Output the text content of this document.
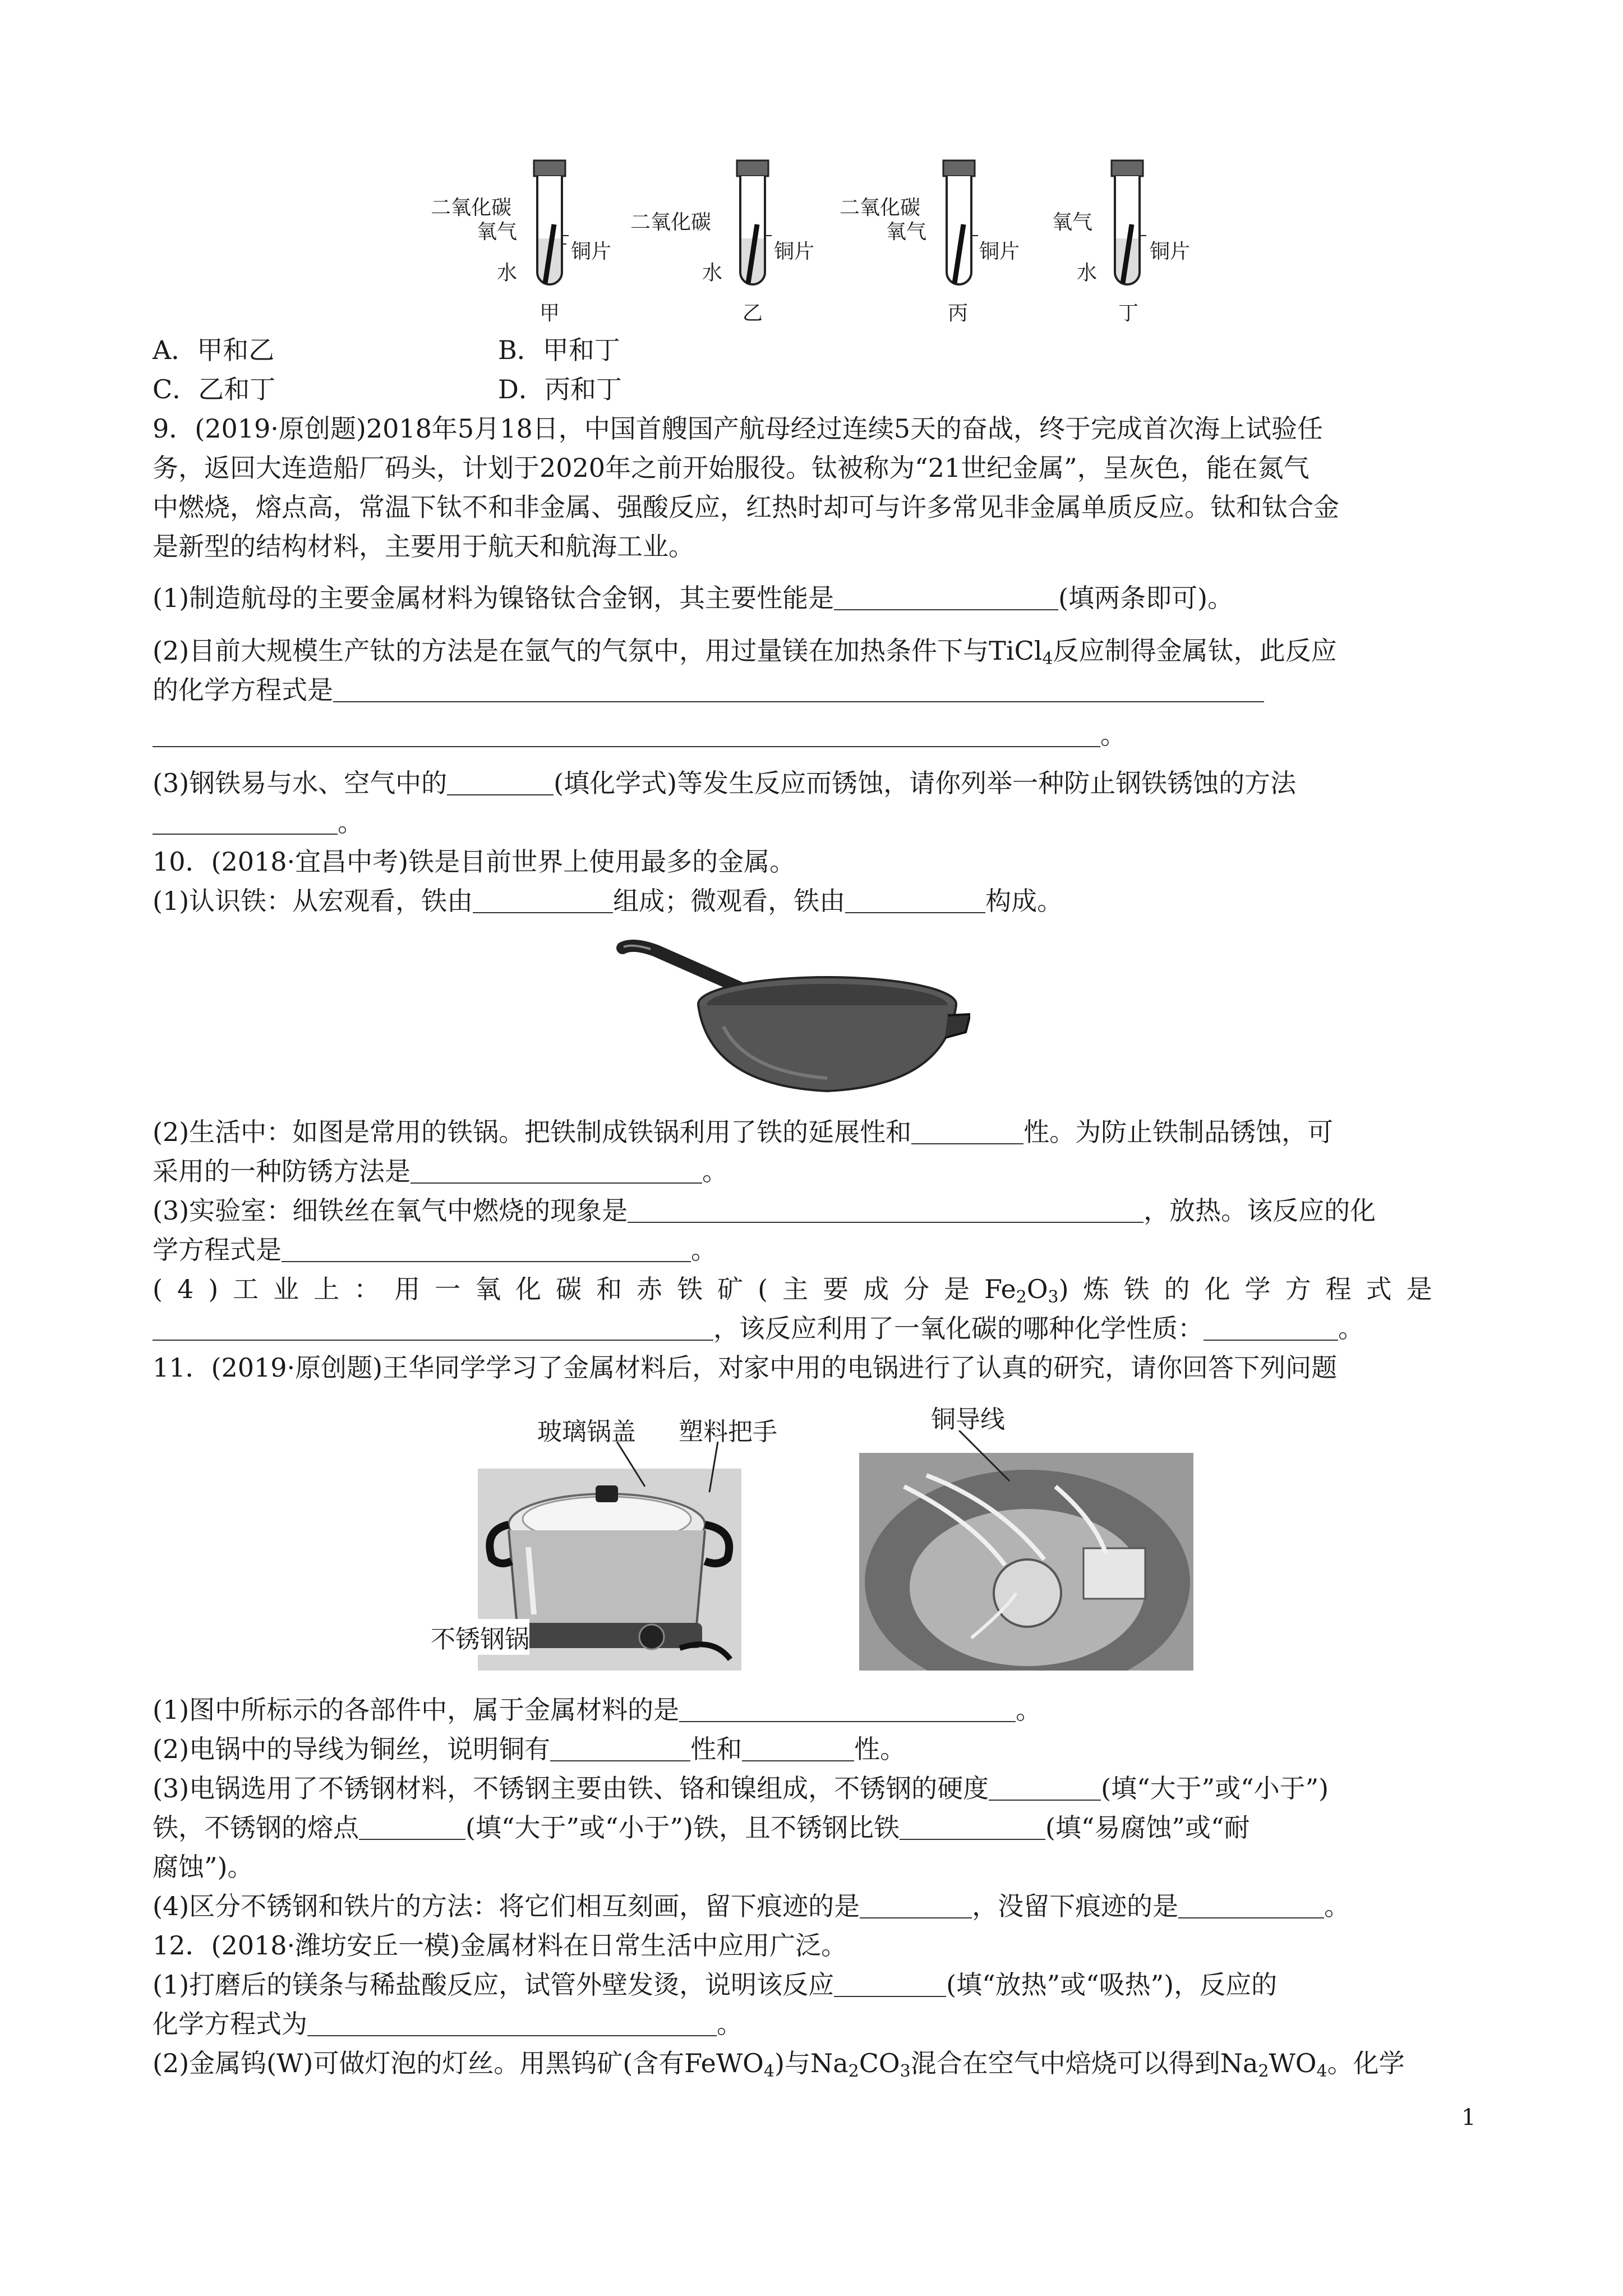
二氧化碳
氧气
水
铜片
甲
二氧化碳
水
铜片
乙
二氧化碳
氧气
铜片
丙
氧气
水
铜片
丁
A．甲和乙	B．甲和丁
C．乙和丁	D．丙和丁
9．(2019·原创题)2018年5月18日，中国首艘国产航母经过连续5天的奋战，终于完成首次海上试验任
务，返回大连造船厂码头，计划于2020年之前开始服役。钛被称为“21世纪金属”，呈灰色，能在氮气
中燃烧，熔点高，常温下钛不和非金属、强酸反应，红热时却可与许多常见非金属单质反应。钛和钛合金
是新型的结构材料，主要用于航天和航海工业。
(1)制造航母的主要金属材料为镍铬钛合金钢，其主要性能是	(填两条即可)。
(2)目前大规模生产钛的方法是在氩气的气氛中，用过量镁在加热条件下与TiCl$_4$反应制得金属钛，此反应
的化学方程式是
。
(3)钢铁易与水、空气中的	(填化学式)等发生反应而锈蚀，请你列举一种防止钢铁锈蚀的方法
。
10．(2018·宜昌中考)铁是目前世界上使用最多的金属。
(1)认识铁：从宏观看，铁由	组成；微观看，铁由	构成。
(2)生活中：如图是常用的铁锅。把铁制成铁锅利用了铁的延展性和	性。为防止铁制品锈蚀，可
采用的一种防锈方法是	。
(3)实验室：细铁丝在氧气中燃烧的现象是	，放热。该反应的化
学方程式是	。
(4)工业上：用一氧化碳和赤铁矿(主要成分是$Fe_2O_3$)炼铁的化学方程式是
，该反应利用了一氧化碳的哪种化学性质：	。
11．(2019·原创题)王华同学学习了金属材料后，对家中用的电锅进行了认真的研究，请你回答下列问题
玻璃锅盖 塑料把手
不锈钢锅
铜导线
(1)图中所标示的各部件中，属于金属材料的是	。
(2)电锅中的导线为铜丝，说明铜有	性和	性。
(3)电锅选用了不锈钢材料，不锈钢主要由铁、铬和镍组成，不锈钢的硬度	(填“大于”或“小于”)
铁，不锈钢的熔点	(填“大于”或“小于”)铁，且不锈钢比铁	(填“易腐蚀”或“耐
腐蚀”)。
(4)区分不锈钢和铁片的方法：将它们相互刻画，留下痕迹的是	，没留下痕迹的是	。
12．(2018·潍坊安丘一模)金属材料在日常生活中应用广泛。
(1)打磨后的镁条与稀盐酸反应，试管外壁发烫，说明该反应	(填“放热”或“吸热”)，反应的
化学方程式为	。
(2)金属钨(W)可做灯泡的灯丝。用黑钨矿(含有FeWO$_4$)与$Na_2CO_3$混合在空气中焙烧可以得到$Na_2WO_4$。化学
1
